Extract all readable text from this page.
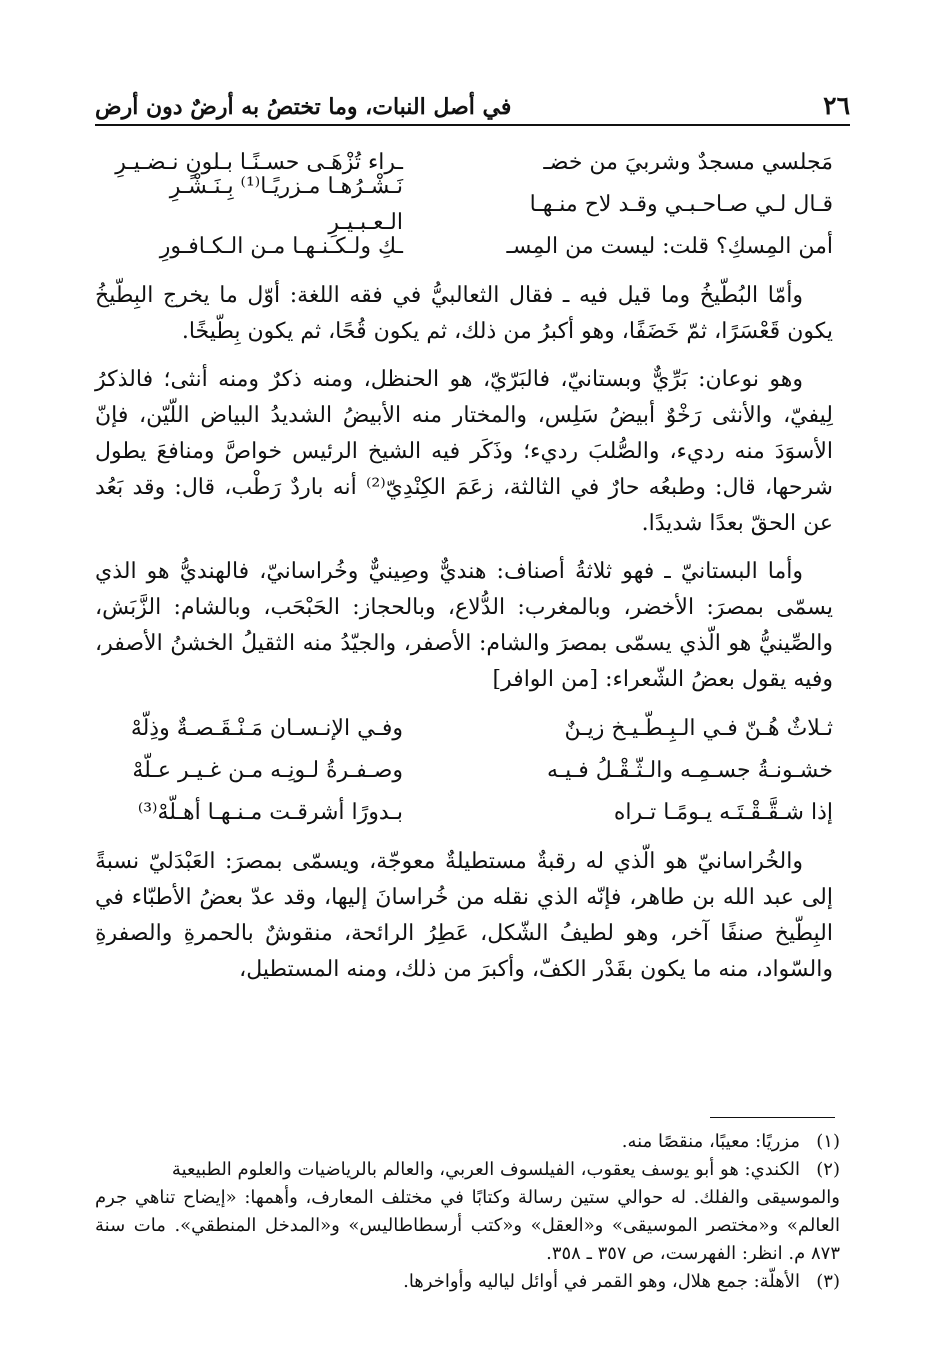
٢٦
في أصل النبات، وما تختصُ به أرضٌ دون أرض
مَجلسي مسجدٌ وشربيَ من خضـ
ـراء تُزْهَـى حسـنًـا بـلونٍ نـضـيـرِ
قـال لـي صـاحـبـي وقـد لاح منـهـا
نَـشْـرُهـا مـزريًـا⁽¹⁾ بِـنَـشْـرِ الـعـبـيـرِ
أمن المِسكِ؟ قلت: ليست من المِسـ
ـكِ ولـكـنـهـا مـن الـكـافـورِ

وأمّا البُطّيخُ وما قيل فيه ـ فقال الثعالبيُّ في فقه اللغة: أوّل ما يخرج البِطّيخُ يكون قَعْسَرًا، ثمّ خَضَفًا، وهو أكبرُ من ذلك، ثم يكون قُحًا، ثم يكون بِطّيخًا.

وهو نوعان: بَرِّيٌّ وبستانيّ، فالبَرّيّ، هو الحنظل، ومنه ذكرٌ ومنه أنثى؛ فالذكرُ لِيفيّ، والأنثى رَخْوٌ أبيضُ سَلِس، والمختار منه الأبيضُ الشديدُ البياض اللّيّن، فإنّ الأسوَدَ منه رديء، والصُّلبَ رديء؛ وذَكَر فيه الشيخ الرئيس خواصَّ ومنافعَ يطول شرحها، قال: وطبعُه حارٌ في الثالثة، زعَمَ الكِنْدِيّ⁽²⁾ أنه باردٌ رَطْب، قال: وقد بَعُد عن الحقّ بعدًا شديدًا.

وأما البستانيّ ـ فهو ثلاثةُ أصناف: هنديٌّ وصِينيٌّ وخُراسانيّ، فالهنديُّ هو الذي يسمّى بمصرَ: الأخضر، وبالمغرب: الدُّلاع، وبالحجاز: الحَبْحَب، وبالشام: الزَّبَش، والصِّينيُّ هو الّذي يسمّى بمصرَ والشام: الأصفر، والجيّدُ منه الثقيلُ الخشنُ الأصفر، وفيه يقول بعضُ الشّعراء: [من الوافر]

ثـلاثٌ هُـنّ فـي الـبِـطّـيـخ زيـنٌ
وفـي الإنـسـان مَـنْـقَـصـةٌ وذِلّهْ
خشـونـةُ جسـمِـه والـثّـقْـلُ فـيـه
وصـفـرةُ لـونِـه مـن غـيـر عـلّهْ
إذا شـقَّـقْـتَـه يـومًـا تـراه
بـدورًا أشرقـت مـنـهـا أهـلّهْ⁽³⁾

والخُراسانيّ هو الّذي له رقبةٌ مستطيلةٌ معوجّة، ويسمّى بمصرَ: العَبْدَليّ نسبةً إلى عبد الله بن طاهر، فإنّه الذي نقله من خُراسانَ إليها، وقد عدّ بعضُ الأطبّاء في البِطّيخ صنفًا آخر، وهو لطيفُ الشّكل، عَطِرُ الرائحة، منقوشٌ بالحمرةِ والصفرةِ والسّواد، منه ما يكون بقَدْر الكفّ، وأكبرَ من ذلك، ومنه المستطيل،

(١)
مزريًا: معيبًا، منقصًا منه.
(٢)
الكندي: هو أبو يوسف يعقوب، الفيلسوف العربي، والعالم بالرياضيات والعلوم الطبيعية
والموسيقى والفلك. له حوالي ستين رسالة وكتابًا في مختلف المعارف، وأهمها: «إيضاح تناهي جرم العالم» و«مختصر الموسيقى» و«العقل» و«كتب أرسطاطاليس» و«المدخل المنطقي». مات سنة ٨٧٣ م. انظر: الفهرست، ص ٣٥٧ ـ ٣٥٨.
(٣)
الأهلّة: جمع هلال، وهو القمر في أوائل لياليه وأواخرها.
